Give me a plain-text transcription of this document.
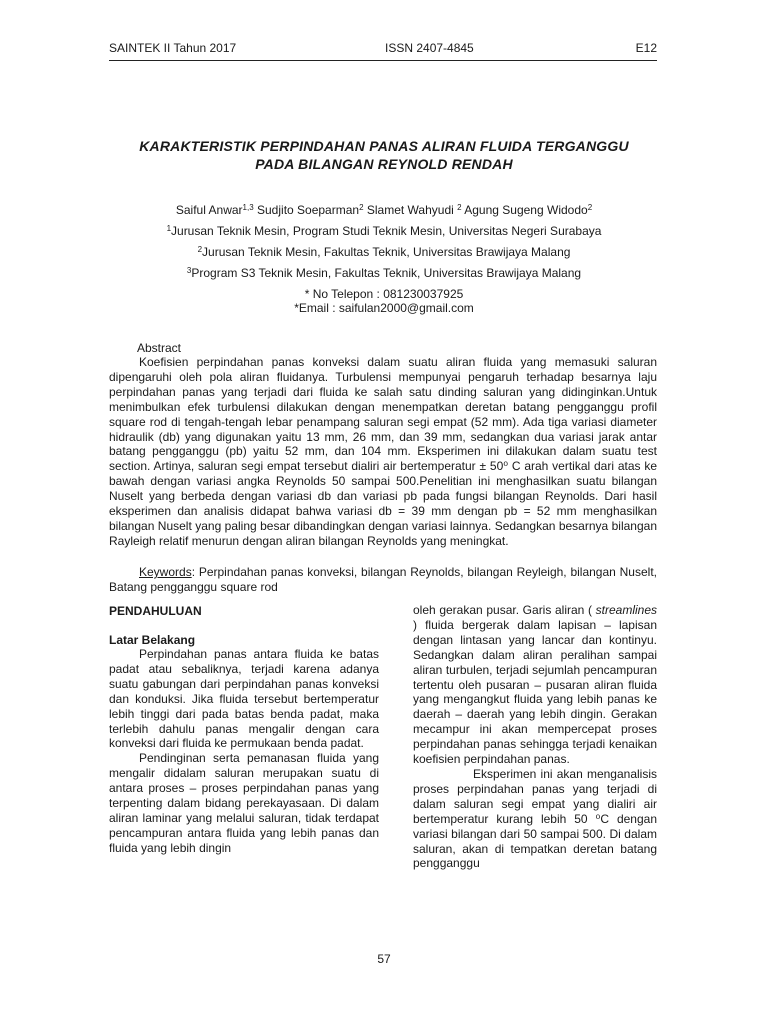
SAINTEK II Tahun 2017	ISSN 2407-4845	E12
KARAKTERISTIK PERPINDAHAN PANAS ALIRAN FLUIDA TERGANGGU
PADA BILANGAN REYNOLD RENDAH
Saiful Anwar$^{1,3}$ Sudjito Soeparman$^2$ Slamet Wahyudi $^2$ Agung Sugeng Widodo$^2$
$^1$Jurusan Teknik Mesin, Program Studi Teknik Mesin, Universitas Negeri Surabaya
$^2$Jurusan Teknik Mesin, Fakultas Teknik, Universitas Brawijaya Malang
$^3$Program S3 Teknik Mesin, Fakultas Teknik, Universitas Brawijaya Malang
* No Telepon : 081230037925
*Email : saifulan2000@gmail.com
Abstract

Koefisien perpindahan panas konveksi dalam suatu aliran fluida yang memasuki saluran dipengaruhi oleh pola aliran fluidanya. Turbulensi mempunyai pengaruh terhadap besarnya laju perpindahan panas yang terjadi dari fluida ke salah satu dinding saluran yang didinginkan.Untuk menimbulkan efek turbulensi dilakukan dengan menempatkan deretan batang pengganggu profil square rod di tengah-tengah lebar penampang saluran segi empat (52 mm). Ada tiga variasi diameter hidraulik (db) yang digunakan yaitu 13 mm, 26 mm, dan 39 mm, sedangkan dua variasi jarak antar batang pengganggu (pb) yaitu 52 mm, dan 104 mm. Eksperimen ini dilakukan dalam suatu test section. Artinya, saluran segi empat tersebut dialiri air bertemperatur ± 50⁰ C arah vertikal dari atas ke bawah dengan variasi angka Reynolds 50 sampai 500.Penelitian ini menghasilkan suatu bilangan Nuselt yang berbeda dengan variasi db dan variasi pb pada fungsi bilangan Reynolds. Dari hasil eksperimen dan analisis didapat bahwa variasi db = 39 mm dengan pb = 52 mm menghasilkan bilangan Nuselt yang paling besar dibandingkan dengan variasi lainnya. Sedangkan besarnya bilangan Rayleigh relatif menurun dengan aliran bilangan Reynolds yang meningkat.

Keywords: Perpindahan panas konveksi, bilangan Reynolds, bilangan Reyleigh, bilangan Nuselt, Batang pengganggu square rod

PENDAHULUAN
Latar Belakang

Perpindahan panas antara fluida ke batas padat atau sebaliknya, terjadi karena adanya suatu gabungan dari perpindahan panas konveksi dan konduksi. Jika fluida tersebut bertemperatur lebih tinggi dari pada batas benda padat, maka terlebih dahulu panas mengalir dengan cara konveksi dari fluida ke permukaan benda padat.

Pendinginan serta pemanasan fluida yang mengalir didalam saluran merupakan suatu di antara proses – proses perpindahan panas yang terpenting dalam bidang perekayasaan. Di dalam aliran laminar yang melalui saluran, tidak terdapat pencampuran antara fluida yang lebih panas dan fluida yang lebih dingin

oleh gerakan pusar. Garis aliran ( streamlines ) fluida bergerak dalam lapisan – lapisan dengan lintasan yang lancar dan kontinyu. Sedangkan dalam aliran peralihan sampai aliran turbulen, terjadi sejumlah pencampuran tertentu oleh pusaran – pusaran aliran fluida yang mengangkut fluida yang lebih panas ke daerah – daerah yang lebih dingin. Gerakan mecampur ini akan mempercepat proses perpindahan panas sehingga terjadi kenaikan koefisien perpindahan panas.

Eksperimen ini akan menganalisis proses perpindahan panas yang terjadi di dalam saluran segi empat yang dialiri air bertemperatur kurang lebih 50 ⁰C dengan variasi bilangan dari 50 sampai 500. Di dalam saluran, akan di tempatkan deretan batang pengganggu

57
